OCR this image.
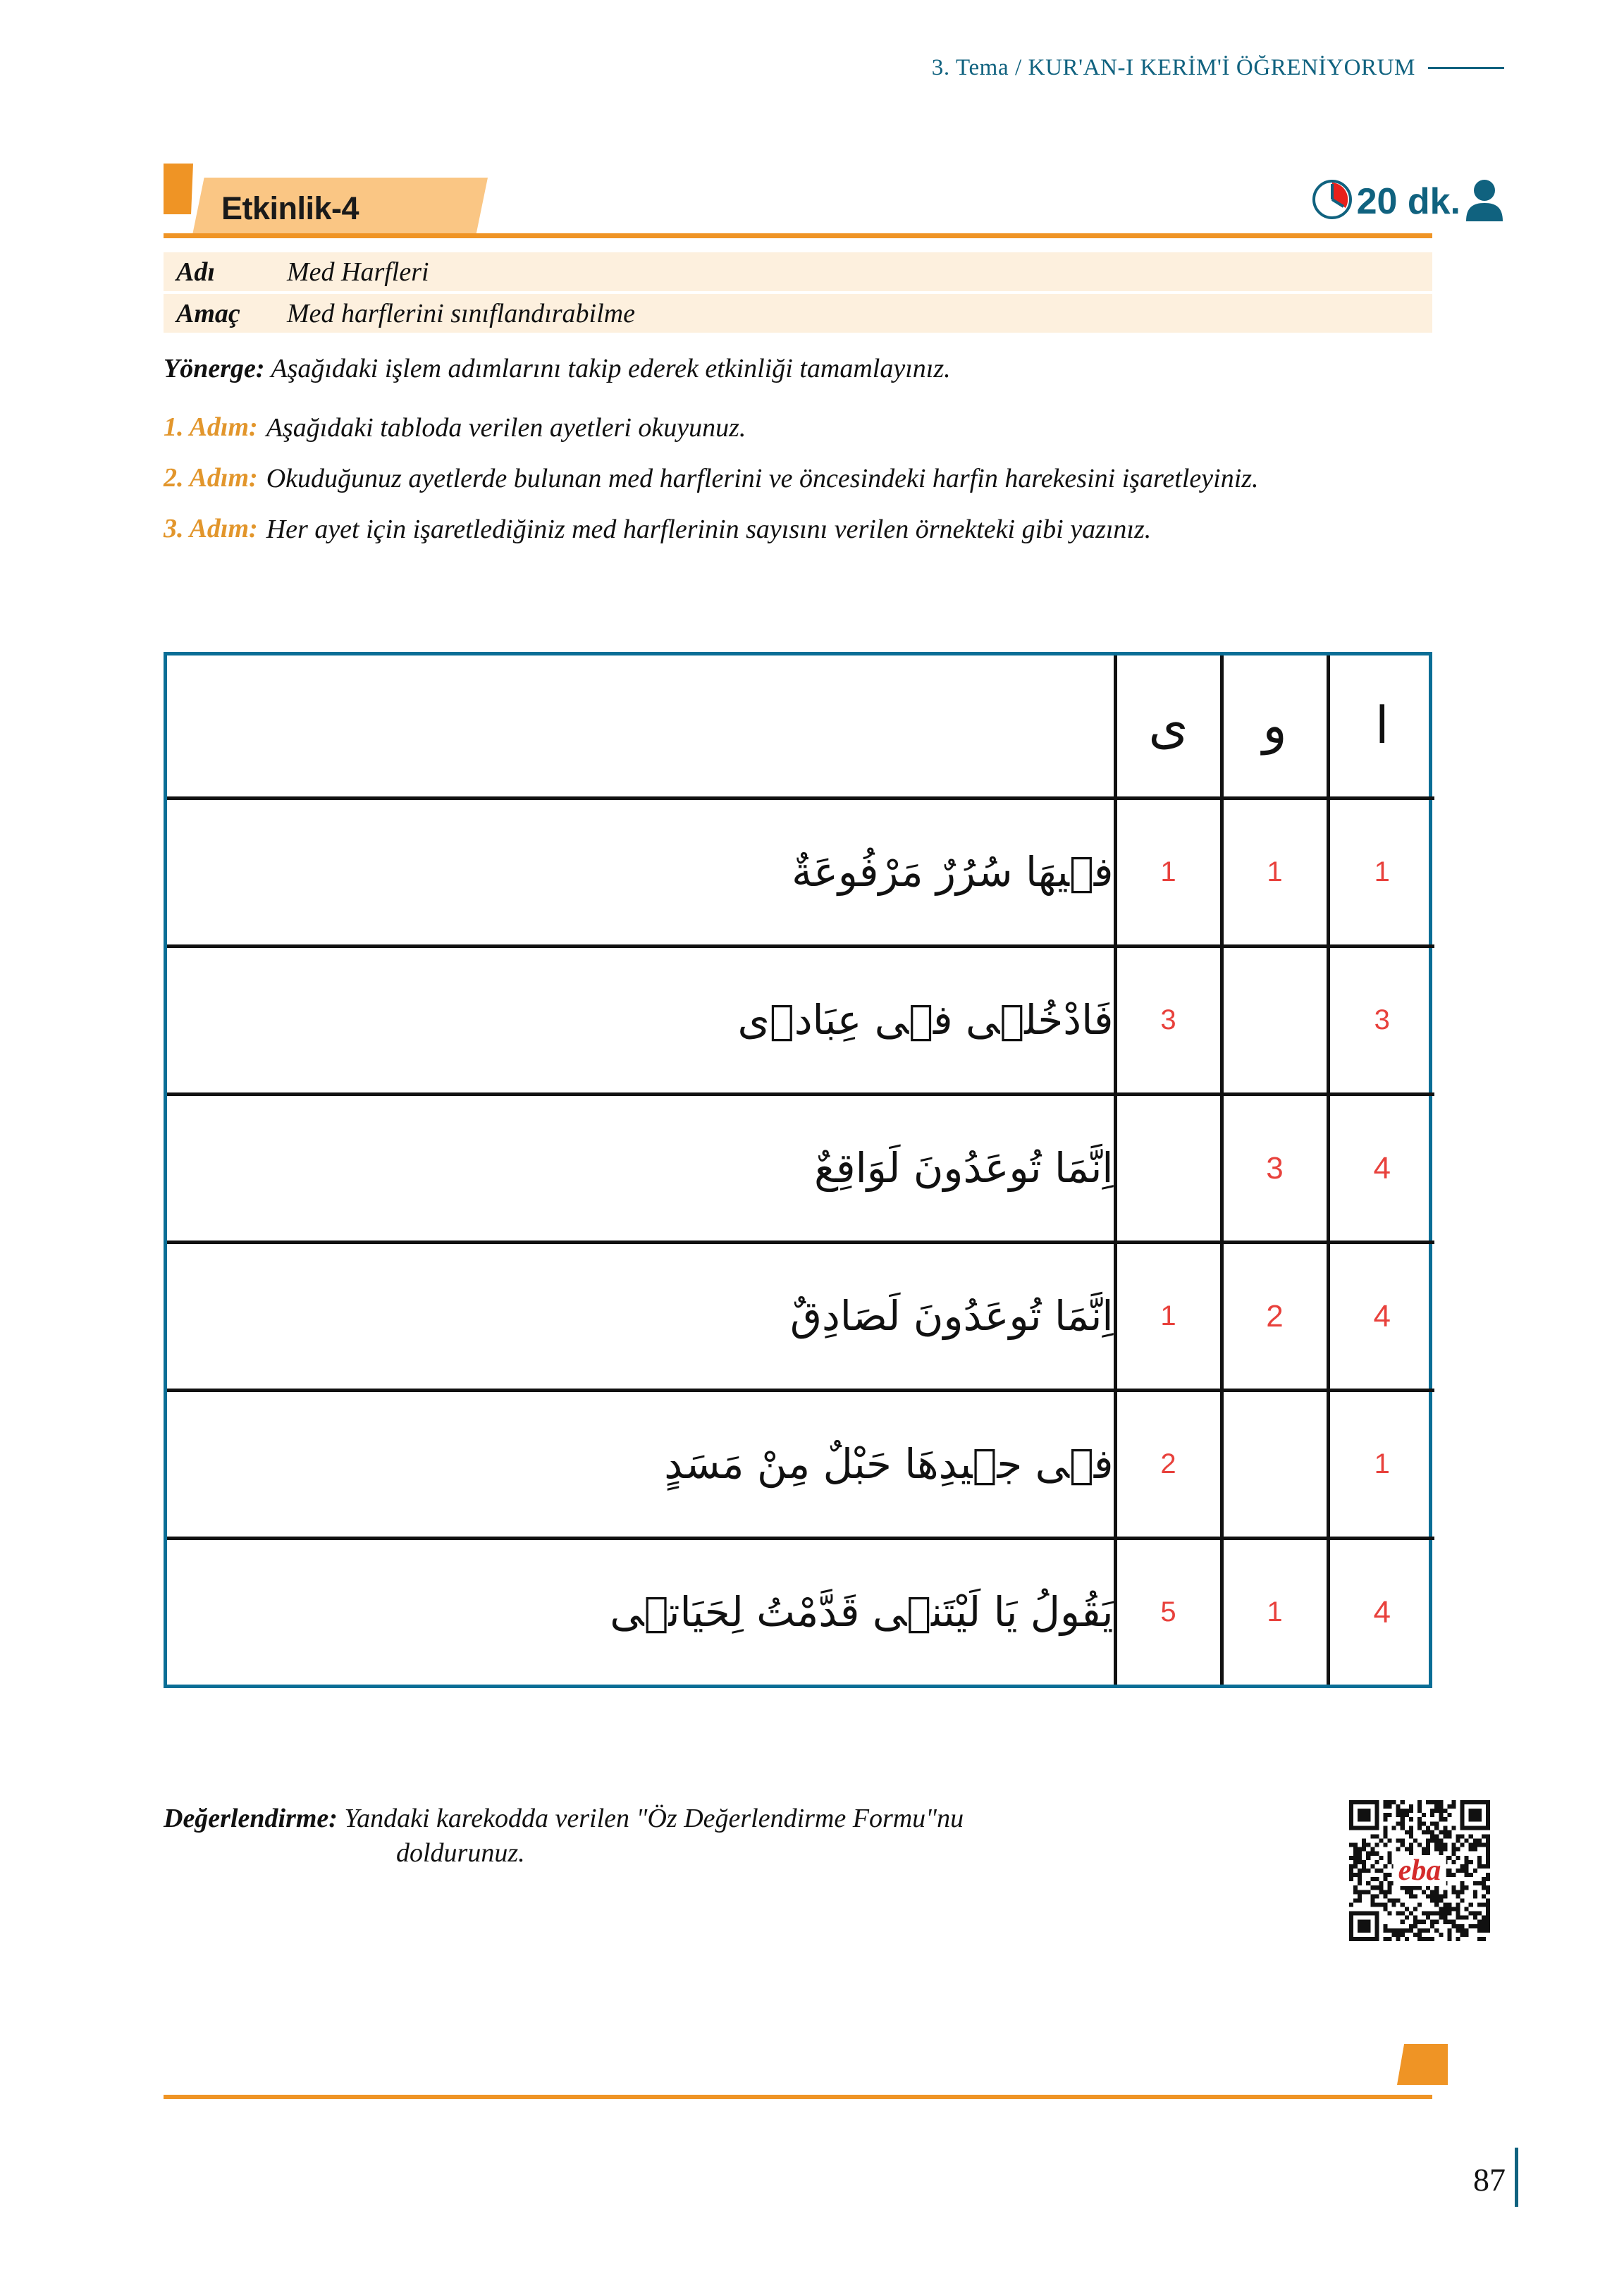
3. Tema / KUR'AN-I KERİM'İ ÖĞRENİYORUM
Etkinlik-4	20 dk.
Adı	Med Harfleri
Amaç	Med harflerini sınıflandırabilme
Yönerge: Aşağıdaki işlem adımlarını takip ederek etkinliği tamamlayınız.
1. Adım: Aşağıdaki tabloda verilen ayetleri okuyunuz.
2. Adım: Okuduğunuz ayetlerde bulunan med harflerini ve öncesindeki harfin harekesini işaretleyiniz.
3. Adım: Her ayet için işaretlediğiniz med harflerinin sayısını verilen örnekteki gibi yazınız.
	ى	و	ا
فٖيهَا سُرُرٌ مَرْفُوعَةٌ	1	1	1
فَادْخُلٖى فٖى عِبَادٖى	3		3
اِنَّمَا تُوعَدُونَ لَوَاقِعٌ		3	4
اِنَّمَا تُوعَدُونَ لَصَادِقٌ	1	2	4
فٖى جٖيدِهَا حَبْلٌ مِنْ مَسَدٍ	2		1
يَقُولُ يَا لَيْتَنٖى قَدَّمْتُ لِحَيَاتٖى	5	1	4
Değerlendirme: Yandaki karekodda verilen "Öz Değerlendirme Formu"nu
doldurunuz.
eba
87
